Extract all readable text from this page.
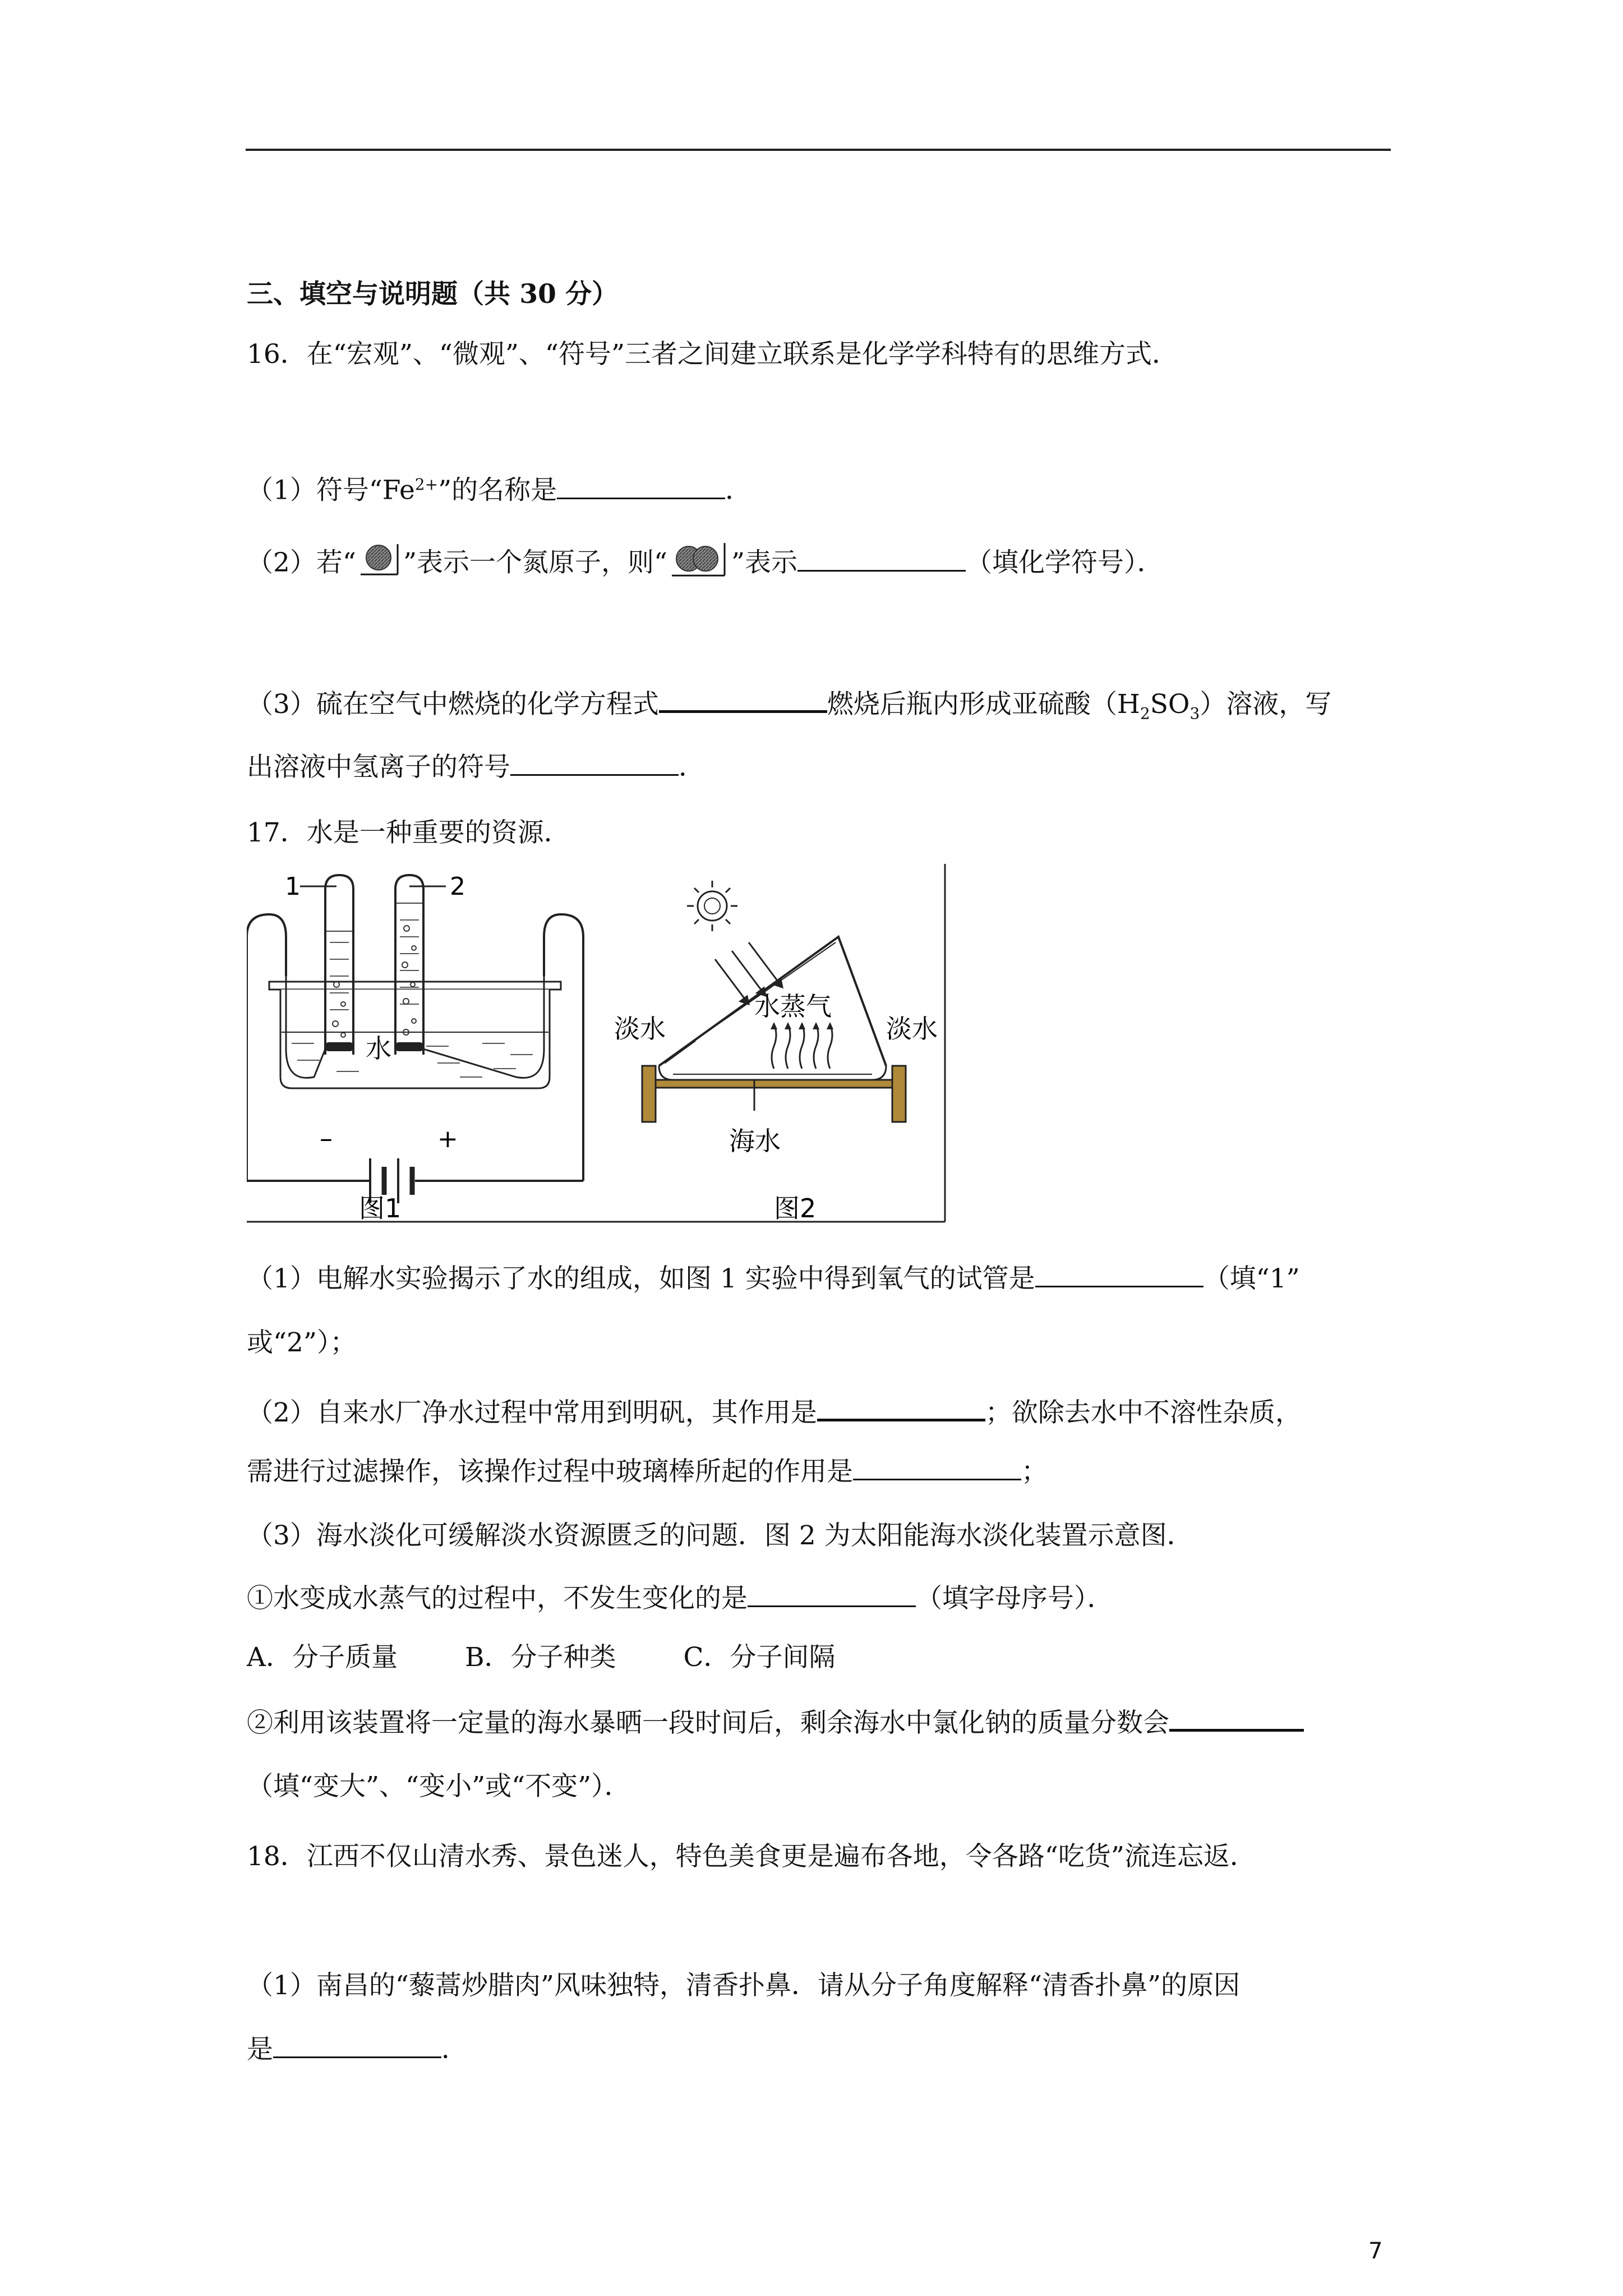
三、填空与说明题（共 30 分）
16．在“宏观”、“微观”、“符号”三者之间建立联系是化学学科特有的思维方式．
（1）符号“$Fe^{2+}$”的名称是	．
（2）若“ ”表示一个氮原子，则“ ”表示	（填化学符号）．
（3）硫在空气中燃烧的化学方程式	燃烧后瓶内形成亚硫酸$(H_2SO_3)$溶液，写
出溶液中氢离子的符号	．
17．水是一种重要的资源．
1	2
水
–	+
图1
淡水	淡水
水蒸气
海水
图2
（1）电解水实验揭示了水的组成，如图 1 实验中得到氧气的试管是	（填“1”
或“2”）；
（2）自来水厂净水过程中常用到明矾，其作用是	；欲除去水中不溶性杂质，
需进行过滤操作，该操作过程中玻璃棒所起的作用是	；
（3）海水淡化可缓解淡水资源匮乏的问题．图 2 为太阳能海水淡化装置示意图．
①水变成水蒸气的过程中，不发生变化的是	（填字母序号）．
A．分子质量	B．分子种类	C．分子间隔
②利用该装置将一定量的海水暴晒一段时间后，剩余海水中氯化钠的质量分数会
（填“变大”、“变小”或“不变”）．
18．江西不仅山清水秀、景色迷人，特色美食更是遍布各地，令各路“吃货”流连忘返．
（1）南昌的“藜蒿炒腊肉”风味独特，清香扑鼻．请从分子角度解释“清香扑鼻”的原因
是	．
7
